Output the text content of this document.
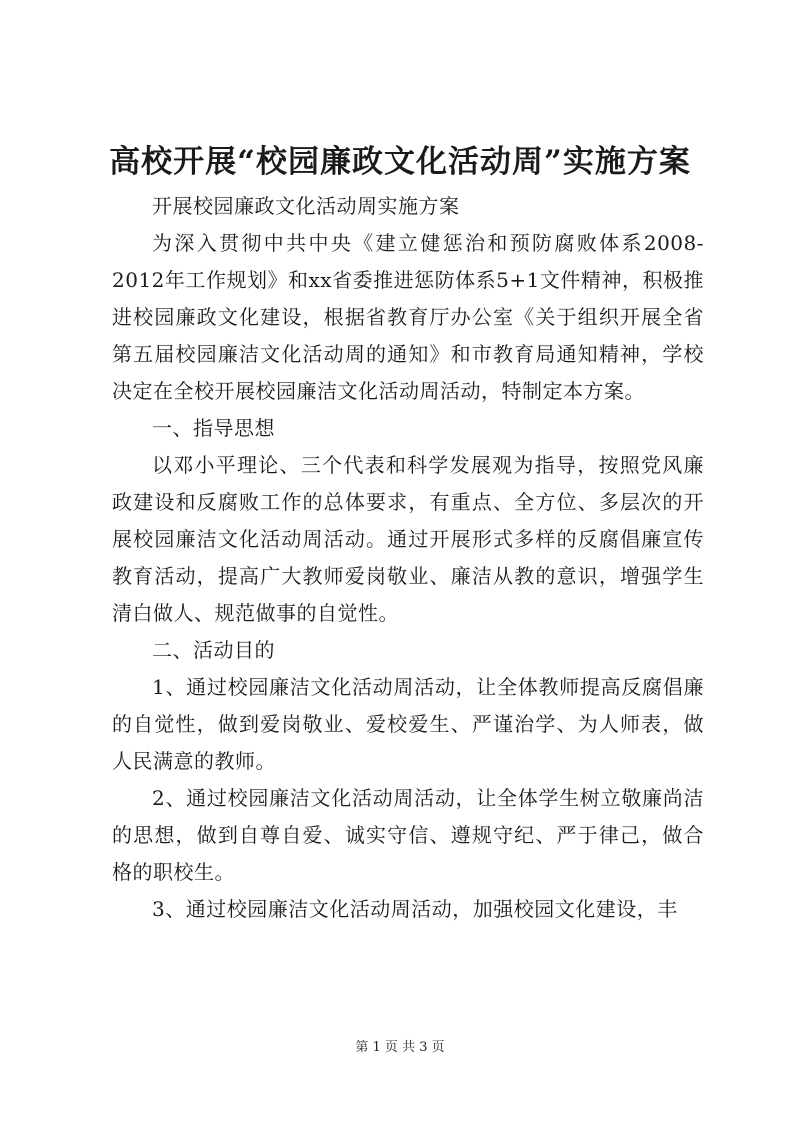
高校开展“校园廉政文化活动周”实施方案

开展校园廉政文化活动周实施方案

为深入贯彻中共中央《建立健惩治和预防腐败体系2008-2012年工作规划》和xx省委推进惩防体系5+1文件精神，积极推进校园廉政文化建设，根据省教育厅办公室《关于组织开展全省第五届校园廉洁文化活动周的通知》和市教育局通知精神，学校决定在全校开展校园廉洁文化活动周活动，特制定本方案。

一、指导思想

以邓小平理论、三个代表和科学发展观为指导，按照党风廉政建设和反腐败工作的总体要求，有重点、全方位、多层次的开展校园廉洁文化活动周活动。通过开展形式多样的反腐倡廉宣传教育活动，提高广大教师爱岗敬业、廉洁从教的意识，增强学生清白做人、规范做事的自觉性。

二、活动目的

1、通过校园廉洁文化活动周活动，让全体教师提高反腐倡廉的自觉性，做到爱岗敬业、爱校爱生、严谨治学、为人师表，做人民满意的教师。

2、通过校园廉洁文化活动周活动，让全体学生树立敬廉尚洁的思想，做到自尊自爱、诚实守信、遵规守纪、严于律己，做合格的职校生。

3、通过校园廉洁文化活动周活动，加强校园文化建设，丰

第 1 页 共 3 页
